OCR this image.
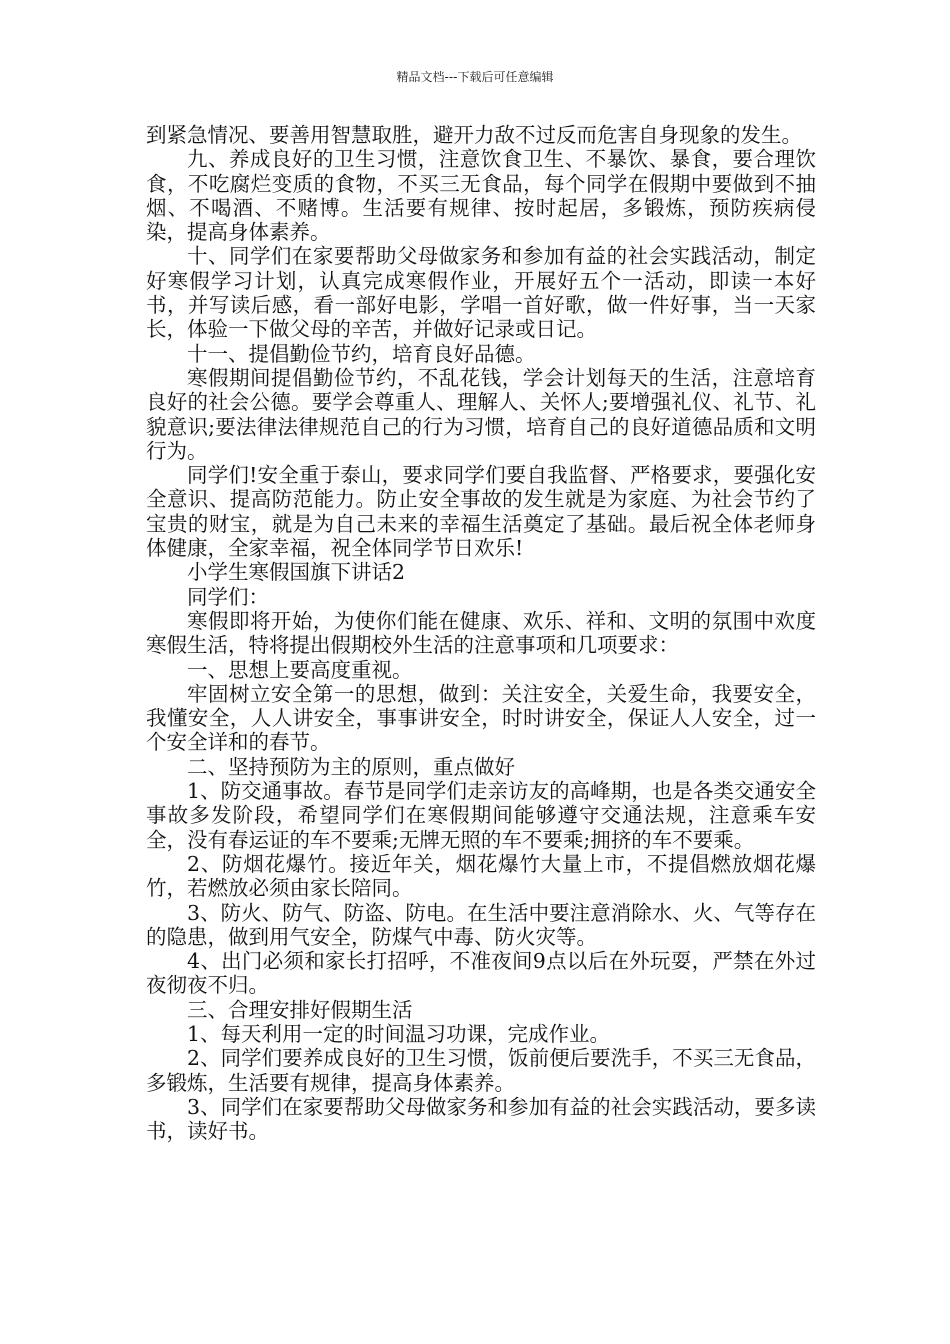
精品文档---下载后可任意编辑

到紧急情况、要善用智慧取胜，避开力敌不过反而危害自身现象的发生。

九、养成良好的卫生习惯，注意饮食卫生、不暴饮、暴食，要合理饮食，不吃腐烂变质的食物，不买三无食品，每个同学在假期中要做到不抽烟、不喝酒、不赌博。生活要有规律、按时起居，多锻炼，预防疾病侵染，提高身体素养。

十、同学们在家要帮助父母做家务和参加有益的社会实践活动，制定好寒假学习计划，认真完成寒假作业，开展好五个一活动，即读一本好书，并写读后感，看一部好电影，学唱一首好歌，做一件好事，当一天家长，体验一下做父母的辛苦，并做好记录或日记。

十一、提倡勤俭节约，培育良好品德。

寒假期间提倡勤俭节约，不乱花钱，学会计划每天的生活，注意培育良好的社会公德。要学会尊重人、理解人、关怀人;要增强礼仪、礼节、礼貌意识;要法律法律规范自己的行为习惯，培育自己的良好道德品质和文明行为。

同学们!安全重于泰山，要求同学们要自我监督、严格要求，要强化安全意识、提高防范能力。防止安全事故的发生就是为家庭、为社会节约了宝贵的财宝，就是为自己未来的幸福生活奠定了基础。最后祝全体老师身体健康，全家幸福，祝全体同学节日欢乐!

小学生寒假国旗下讲话2

同学们：

寒假即将开始，为使你们能在健康、欢乐、祥和、文明的氛围中欢度寒假生活，特将提出假期校外生活的注意事项和几项要求：

一、思想上要高度重视。

牢固树立安全第一的思想，做到：关注安全，关爱生命，我要安全，我懂安全，人人讲安全，事事讲安全，时时讲安全，保证人人安全，过一个安全详和的春节。

二、坚持预防为主的原则，重点做好

1、防交通事故。春节是同学们走亲访友的高峰期，也是各类交通安全事故多发阶段，希望同学们在寒假期间能够遵守交通法规，注意乘车安全，没有春运证的车不要乘;无牌无照的车不要乘;拥挤的车不要乘。

2、防烟花爆竹。接近年关，烟花爆竹大量上市，不提倡燃放烟花爆竹，若燃放必须由家长陪同。

3、防火、防气、防盗、防电。在生活中要注意消除水、火、气等存在的隐患，做到用气安全，防煤气中毒、防火灾等。

4、出门必须和家长打招呼，不准夜间9点以后在外玩耍，严禁在外过夜彻夜不归。

三、合理安排好假期生活

1、每天利用一定的时间温习功课，完成作业。

2、同学们要养成良好的卫生习惯，饭前便后要洗手，不买三无食品，多锻炼，生活要有规律，提高身体素养。

3、同学们在家要帮助父母做家务和参加有益的社会实践活动，要多读书，读好书。
